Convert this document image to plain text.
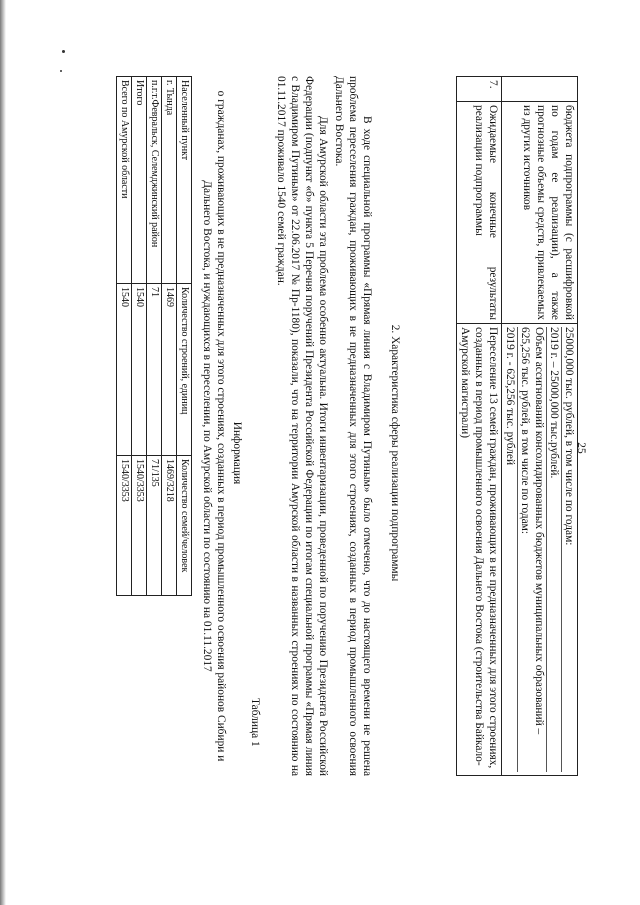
25
	бюджета подпрограммы (с расшифровкой по годам ее реализации), а также прогнозные объемы средств, привлекаемых из других источников	25000,000 тыс. рублей, в том числе по годам:
2019 г. – 25000,000 тыс.рублей.
Объем ассигнований консолидированных бюджетов муниципальных образований – 625,256 тыс. рублей, в том числе по годам:
2019 г. - 625,256 тыс. рублей

7.	Ожидаемые конечные результаты реализации подпрограммы	Переселение 13 семей граждан, проживающих в не предназначенных для этого строениях, созданных в период промышленного освоения Дальнего Востока (строительства Байкало-Амурской магистрали)
2. Характеристика сферы реализации подпрограммы
В ходе специальной программы «Прямая линия с Владимиром Путиным» было отмечено, что до настоящего времени не решена проблема переселения граждан, проживающих в не предназначенных для этого строениях, созданных в период промышленного освоения Дальнего Востока.
Для Амурской области эта проблема особенно актуальна. Итоги инвентаризации, проведенной по поручению Президента Российской Федерации (подпункт «б» пункта 5 Перечня поручений Президента Российской Федерации по итогам специальной программы «Прямая линия с Владимиром Путиным» от 22.06.2017 № Пр-1180), показали, что на территории Амурской области в названных строениях по состоянию на 01.11.2017 проживало 1540 семей граждан.
Таблица 1
Информация
о гражданах, проживающих в не предназначенных для этого строениях, созданных в период промышленного освоения районов Сибири и Дальнего Востока, и нуждающихся в переселении, по Амурской области по состоянию на 01.11.2017
Населенный пункт	Количество строений, единиц	Количество семей/человек
г. Тында	1469	1469/3218
п.г.т.Февральск, Селемджинский район	71	71/135
Итого	1540	1540/3353
Всего по Амурской области	1540	1540/3353
